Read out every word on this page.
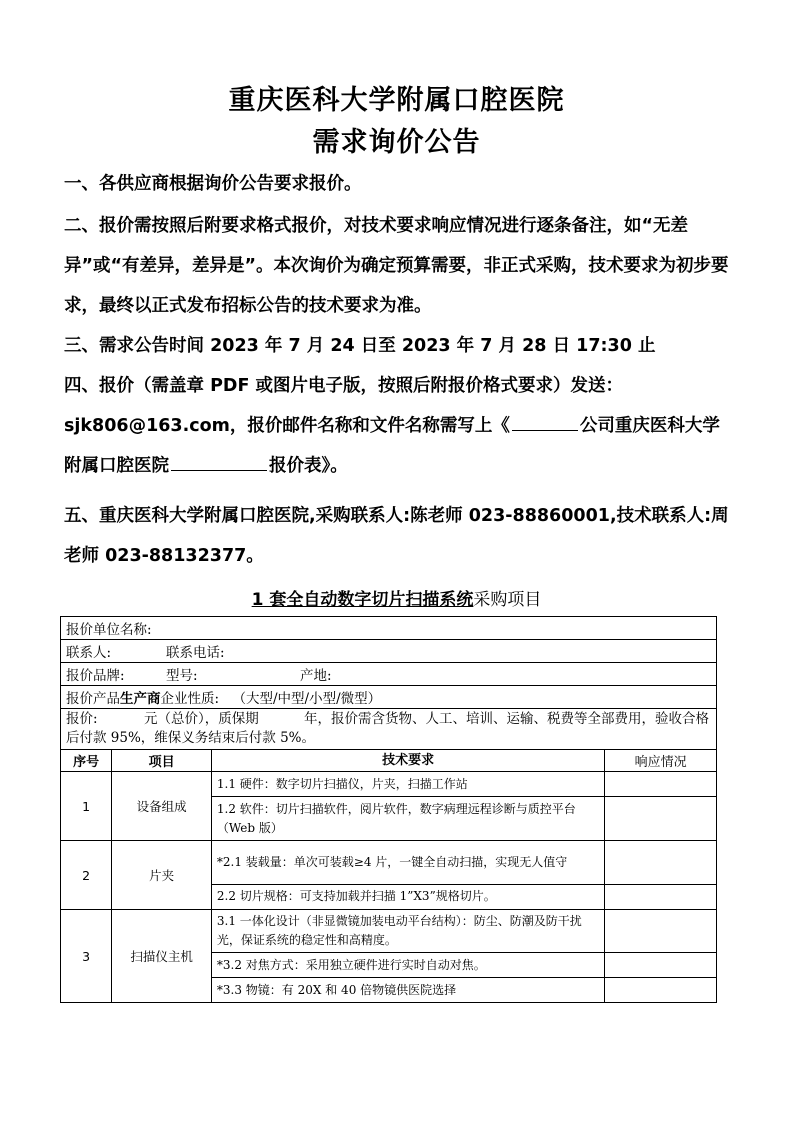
重庆医科大学附属口腔医院
需求询价公告
一、各供应商根据询价公告要求报价。
二、报价需按照后附要求格式报价，对技术要求响应情况进行逐条备注，如“无差异”或“有差异，差异是”。本次询价为确定预算需要，非正式采购，技术要求为初步要求，最终以正式发布招标公告的技术要求为准。
三、需求公告时间 2023 年 7 月 24 日至 2023 年 7 月 28 日 17:30 止
四、报价（需盖章 PDF 或图片电子版，按照后附报价格式要求）发送：sjk806@163.com，报价邮件名称和文件名称需写上《	公司重庆医科大学附属口腔医院	报价表》。
五、重庆医科大学附属口腔医院,采购联系人:陈老师 023-88860001,技术联系人:周老师 023-88132377。
1 套全自动数字切片扫描系统采购项目
报价单位名称:			
联系人: 联系电话:			
报价品牌: 型号: 产地:			
报价产品生产商企业性质: （大型/中型/小型/微型）			
报价: 元（总价），质保期 年，报价需含货物、人工、培训、运输、税费等全部费用，验收合格后付款 95%，维保义务结束后付款 5%。			
序号	项目	技术要求	响应情况
1	设备组成	1.1 硬件：数字切片扫描仪，片夹，扫描工作站	
		1.2 软件：切片扫描软件，阅片软件，数字病理远程诊断与质控平台（Web 版）	
2	片夹	*2.1 装载量：单次可装载≥4 片，一键全自动扫描，实现无人值守	
		2.2 切片规格：可支持加载并扫描 1”X3”规格切片。	
3	扫描仪主机	3.1 一体化设计（非显微镜加装电动平台结构）：防尘、防潮及防干扰光，保证系统的稳定性和高精度。	
		*3.2 对焦方式：采用独立硬件进行实时自动对焦。	
		*3.3 物镜：有 20X 和 40 倍物镜供医院选择	
